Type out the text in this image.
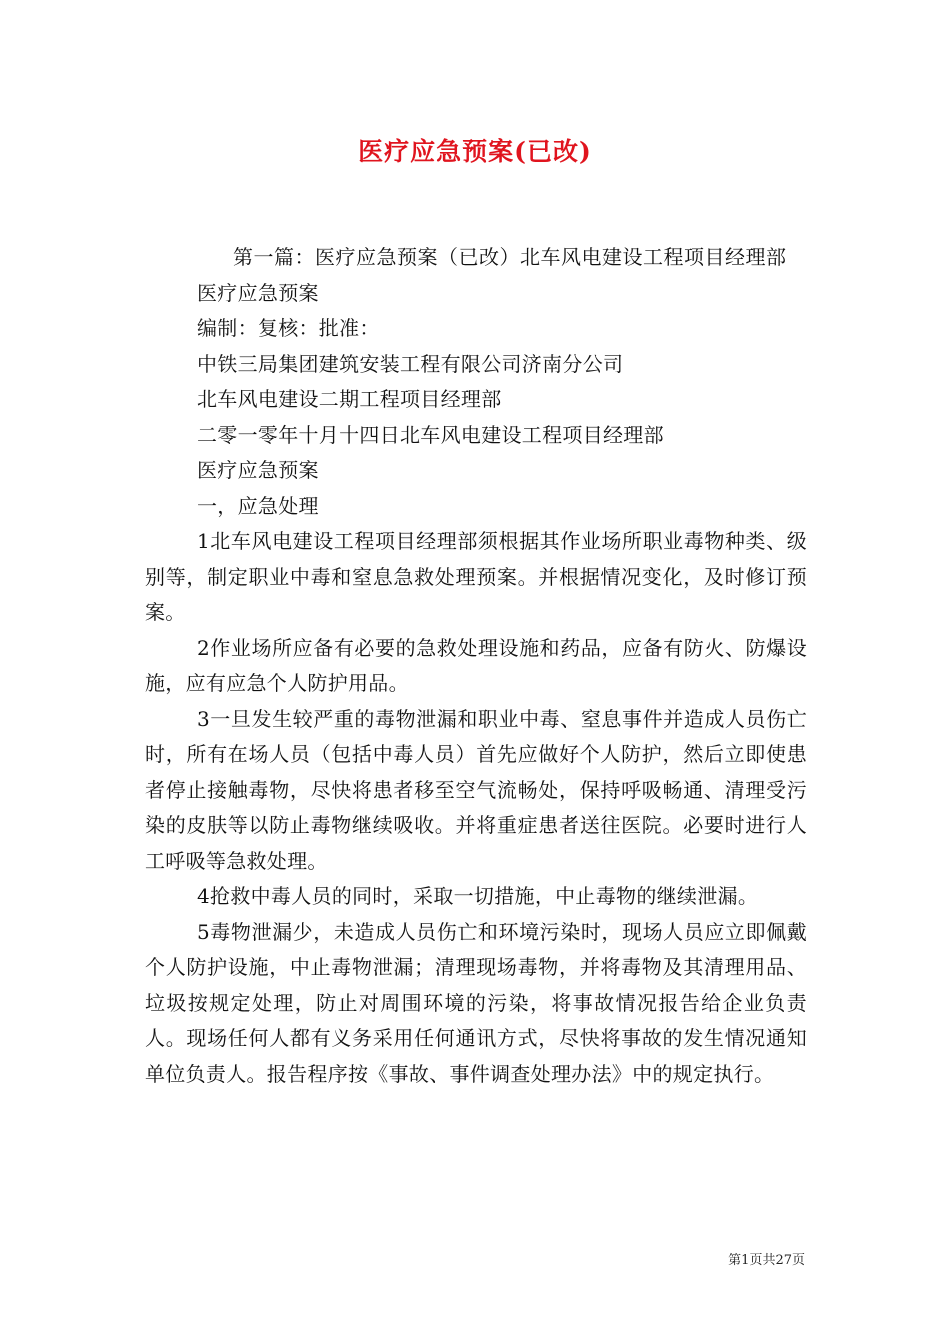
医疗应急预案(已改)

第一篇：医疗应急预案（已改）北车风电建设工程项目经理部

医疗应急预案

编制：复核：批准：

中铁三局集团建筑安装工程有限公司济南分公司

北车风电建设二期工程项目经理部

二零一零年十月十四日北车风电建设工程项目经理部

医疗应急预案

一，应急处理

1北车风电建设工程项目经理部须根据其作业场所职业毒物种类、级别等，制定职业中毒和窒息急救处理预案。并根据情况变化，及时修订预案。

2作业场所应备有必要的急救处理设施和药品，应备有防火、防爆设施，应有应急个人防护用品。

3一旦发生较严重的毒物泄漏和职业中毒、窒息事件并造成人员伤亡时，所有在场人员（包括中毒人员）首先应做好个人防护，然后立即使患者停止接触毒物，尽快将患者移至空气流畅处，保持呼吸畅通、清理受污染的皮肤等以防止毒物继续吸收。并将重症患者送往医院。必要时进行人工呼吸等急救处理。

4抢救中毒人员的同时，采取一切措施，中止毒物的继续泄漏。

5毒物泄漏少，未造成人员伤亡和环境污染时，现场人员应立即佩戴个人防护设施，中止毒物泄漏；清理现场毒物，并将毒物及其清理用品、垃圾按规定处理，防止对周围环境的污染，将事故情况报告给企业负责人。现场任何人都有义务采用任何通讯方式，尽快将事故的发生情况通知单位负责人。报告程序按《事故、事件调查处理办法》中的规定执行。

第1页共27页
